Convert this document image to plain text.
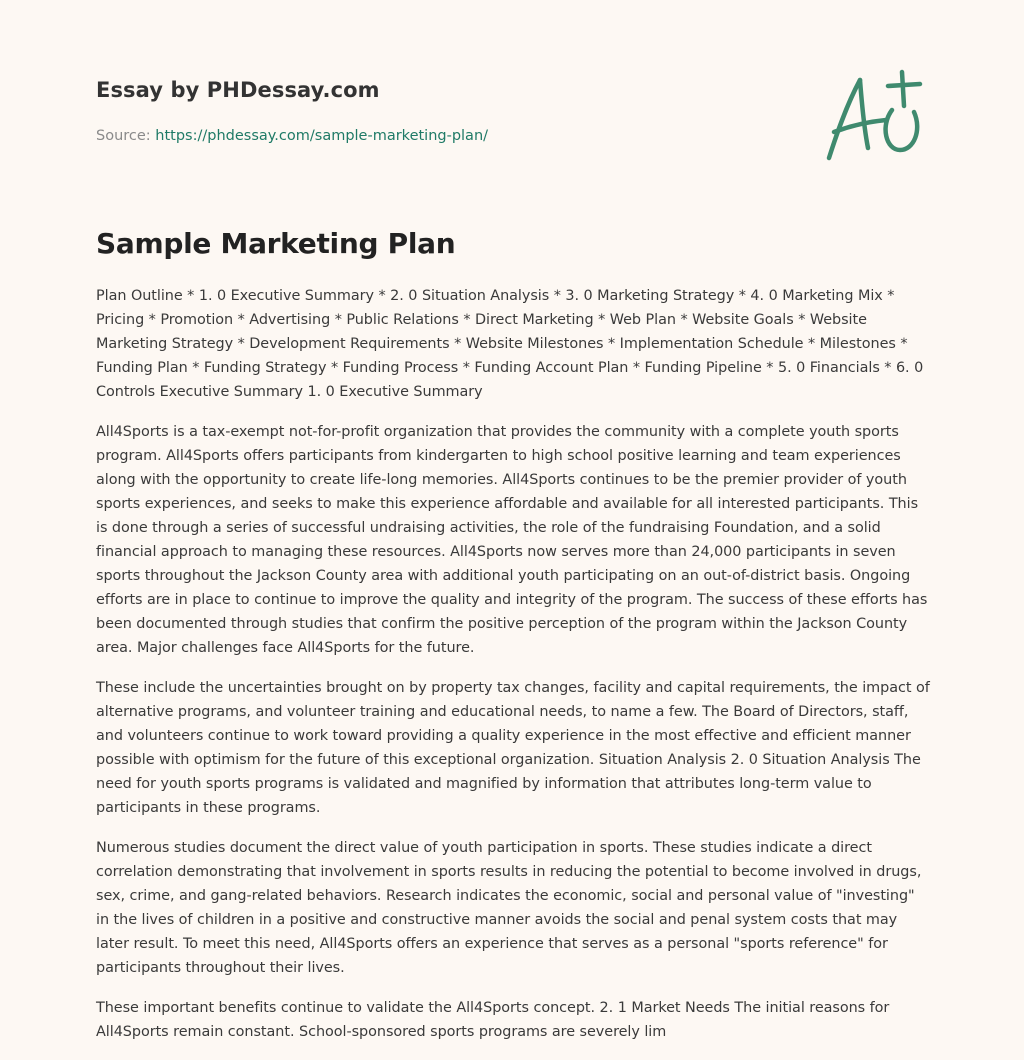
Essay by PHDessay.com
Source: https://phdessay.com/sample-marketing-plan/
Sample Marketing Plan

Plan Outline * 1. 0 Executive Summary * 2. 0 Situation Analysis * 3. 0 Marketing Strategy * 4. 0 Marketing Mix * Pricing * Promotion * Advertising * Public Relations * Direct Marketing * Web Plan * Website Goals * Website Marketing Strategy * Development Requirements * Website Milestones * Implementation Schedule * Milestones * Funding Plan * Funding Strategy * Funding Process * Funding Account Plan * Funding Pipeline * 5. 0 Financials * 6. 0 Controls Executive Summary 1. 0 Executive Summary

All4Sports is a tax-exempt not-for-profit organization that provides the community with a complete youth sports program. All4Sports offers participants from kindergarten to high school positive learning and team experiences along with the opportunity to create life-long memories. All4Sports continues to be the premier provider of youth sports experiences, and seeks to make this experience affordable and available for all interested participants. This is done through a series of successful undraising activities, the role of the fundraising Foundation, and a solid financial approach to managing these resources. All4Sports now serves more than 24,000 participants in seven sports throughout the Jackson County area with additional youth participating on an out-of-district basis. Ongoing efforts are in place to continue to improve the quality and integrity of the program. The success of these efforts has been documented through studies that confirm the positive perception of the program within the Jackson County area. Major challenges face All4Sports for the future.

These include the uncertainties brought on by property tax changes, facility and capital requirements, the impact of alternative programs, and volunteer training and educational needs, to name a few. The Board of Directors, staff, and volunteers continue to work toward providing a quality experience in the most effective and efficient manner possible with optimism for the future of this exceptional organization. Situation Analysis 2. 0 Situation Analysis The need for youth sports programs is validated and magnified by information that attributes long-term value to participants in these programs.

Numerous studies document the direct value of youth participation in sports. These studies indicate a direct correlation demonstrating that involvement in sports results in reducing the potential to become involved in drugs, sex, crime, and gang-related behaviors. Research indicates the economic, social and personal value of "investing" in the lives of children in a positive and constructive manner avoids the social and penal system costs that may later result. To meet this need, All4Sports offers an experience that serves as a personal "sports reference" for participants throughout their lives.

These important benefits continue to validate the All4Sports concept. 2. 1 Market Needs The initial reasons for All4Sports remain constant. School-sponsored sports programs are severely lim
